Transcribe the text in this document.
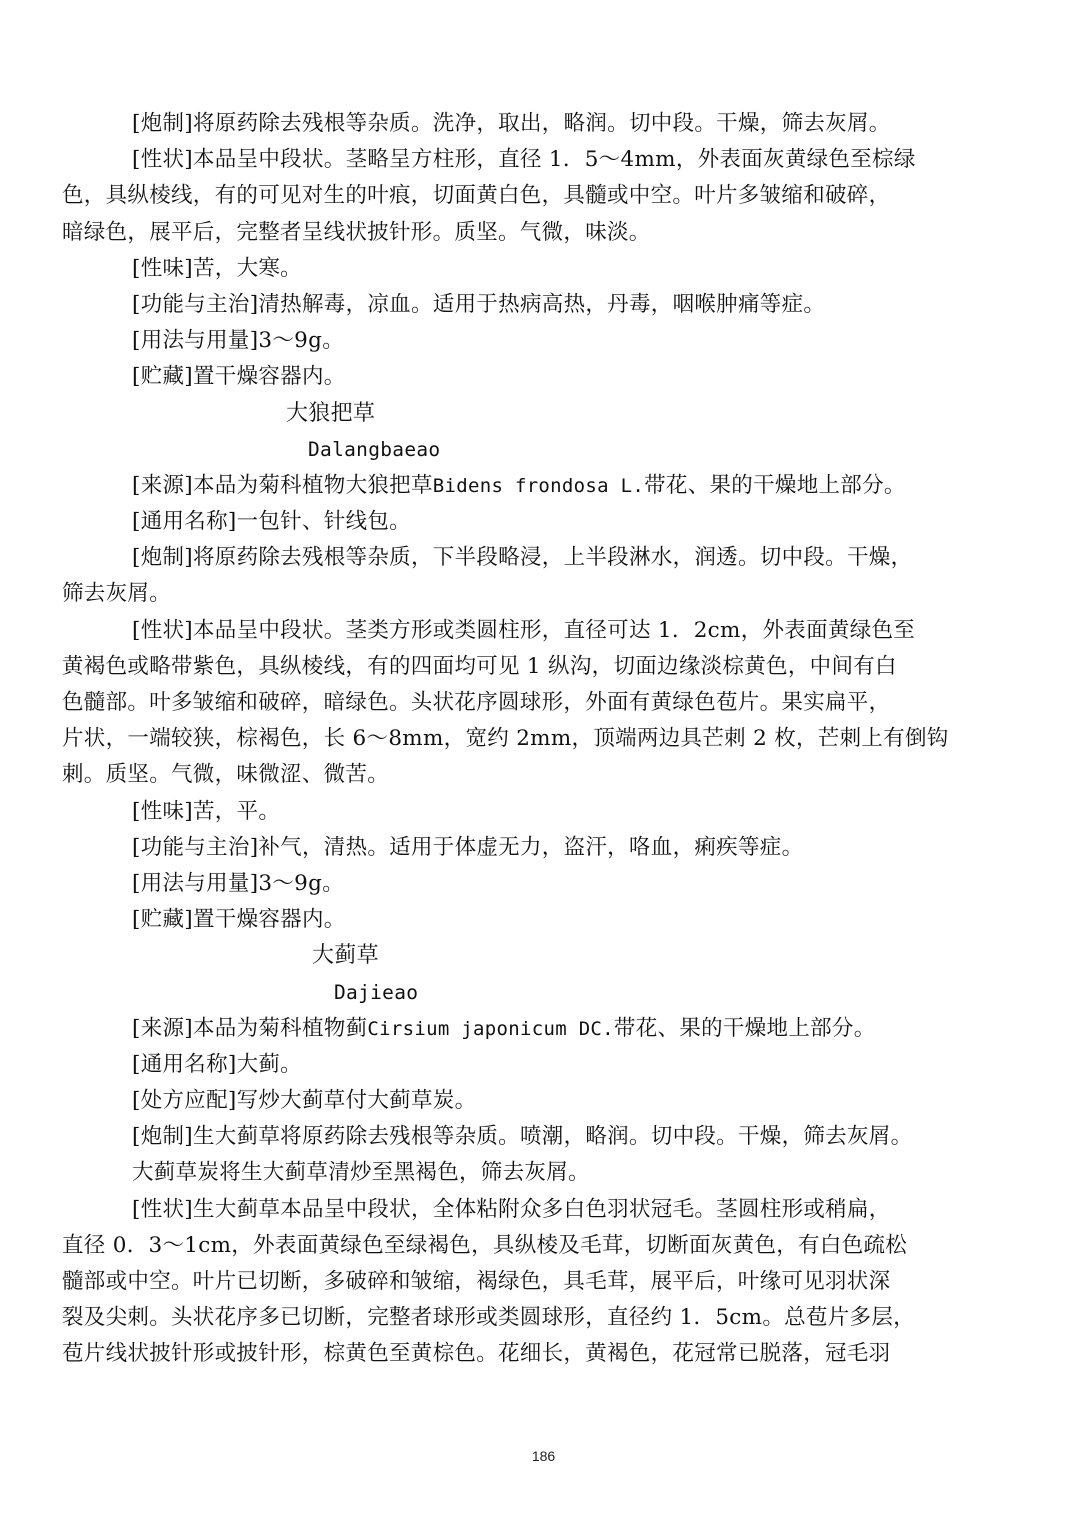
[炮制]将原药除去残根等杂质。洗净，取出，略润。切中段。干燥，筛去灰屑。
[性状]本品呈中段状。茎略呈方柱形，直径 1．5～4mm，外表面灰黄绿色至棕绿
色，具纵棱线，有的可见对生的叶痕，切面黄白色，具髓或中空。叶片多皱缩和破碎，
暗绿色，展平后，完整者呈线状披针形。质坚。气微，味淡。
[性味]苦，大寒。
[功能与主治]清热解毒，凉血。适用于热病高热，丹毒，咽喉肿痛等症。
[用法与用量]3～9g。
[贮藏]置干燥容器内。
大狼把草
Dalangbaeao
[来源]本品为菊科植物大狼把草Bidens frondosa L.带花、果的干燥地上部分。
[通用名称]一包针、针线包。
[炮制]将原药除去残根等杂质，下半段略浸，上半段淋水，润透。切中段。干燥，
筛去灰屑。
[性状]本品呈中段状。茎类方形或类圆柱形，直径可达 1．2cm，外表面黄绿色至
黄褐色或略带紫色，具纵棱线，有的四面均可见 1 纵沟，切面边缘淡棕黄色，中间有白
色髓部。叶多皱缩和破碎，暗绿色。头状花序圆球形，外面有黄绿色苞片。果实扁平，
片状，一端较狭，棕褐色，长 6～8mm，宽约 2mm，顶端两边具芒刺 2 枚，芒刺上有倒钩
刺。质坚。气微，味微涩、微苦。
[性味]苦，平。
[功能与主治]补气，清热。适用于体虚无力，盗汗，咯血，痢疾等症。
[用法与用量]3～9g。
[贮藏]置干燥容器内。
大蓟草
Dajieao
[来源]本品为菊科植物蓟Cirsium japonicum DC.带花、果的干燥地上部分。
[通用名称]大蓟。
[处方应配]写炒大蓟草付大蓟草炭。
[炮制]生大蓟草将原药除去残根等杂质。喷潮，略润。切中段。干燥，筛去灰屑。
大蓟草炭将生大蓟草清炒至黑褐色，筛去灰屑。
[性状]生大蓟草本品呈中段状，全体粘附众多白色羽状冠毛。茎圆柱形或稍扁，
直径 0．3～1cm，外表面黄绿色至绿褐色，具纵棱及毛茸，切断面灰黄色，有白色疏松
髓部或中空。叶片已切断，多破碎和皱缩，褐绿色，具毛茸，展平后，叶缘可见羽状深
裂及尖刺。头状花序多已切断，完整者球形或类圆球形，直径约 1．5cm。总苞片多层，
苞片线状披针形或披针形，棕黄色至黄棕色。花细长，黄褐色，花冠常已脱落，冠毛羽
186
